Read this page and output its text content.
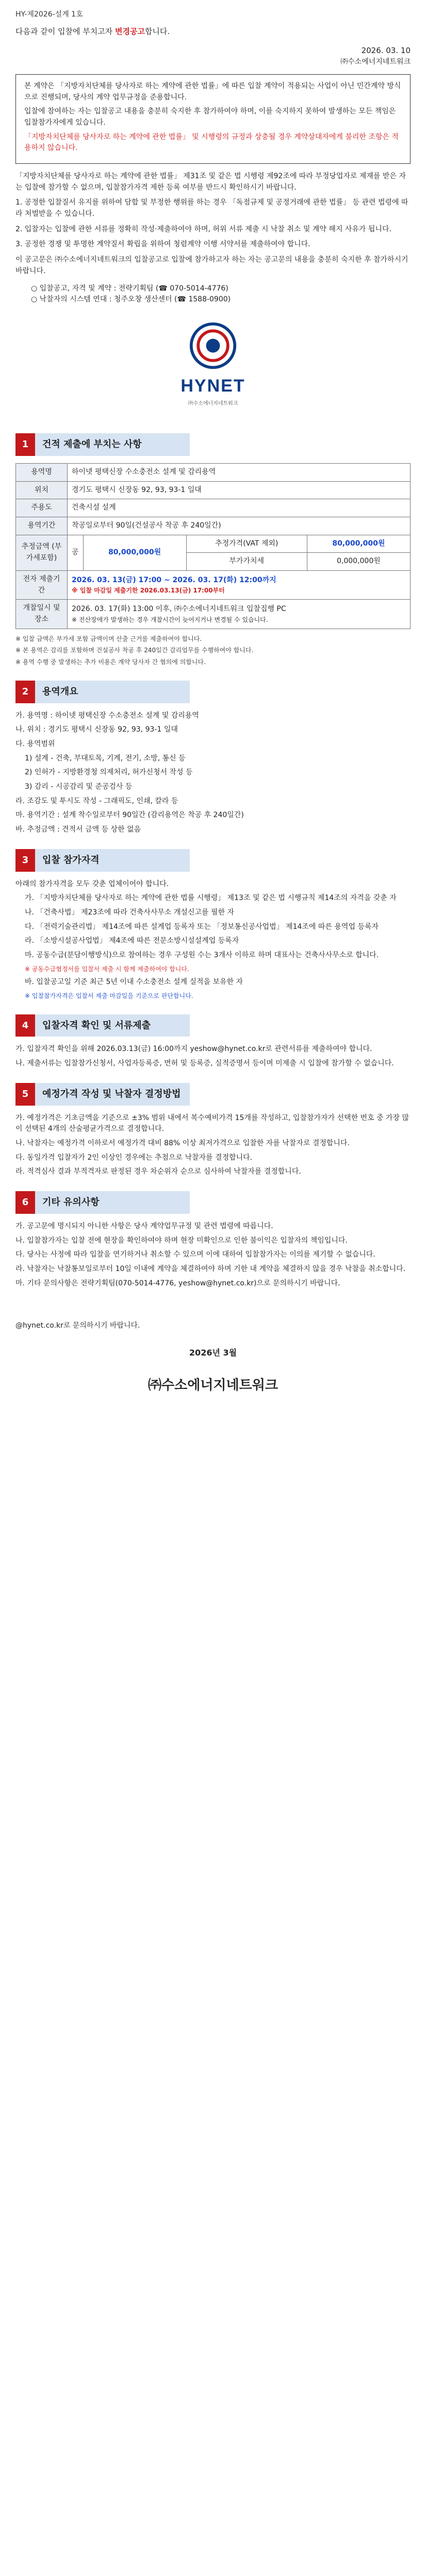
HY-제2026-설계 1호
다음과 같이 입찰에 부치고자 변경공고합니다.
2026. 03. 10
㈜수소에너지네트워크

본 계약은 「지방자치단체를 당사자로 하는 계약에 관한 법률」에 따른 입찰 계약이 적용되는 사업이 아닌 민간계약 방식으로 진행되며, 당사의 계약 업무규정을 준용합니다.

입찰에 참여하는 자는 입찰공고 내용을 충분히 숙지한 후 참가하여야 하며, 이를 숙지하지 못하여 발생하는 모든 책임은 입찰참가자에게 있습니다.

「지방자치단체를 당사자로 하는 계약에 관한 법률」 및 시행령의 규정과 상충될 경우 계약상대자에게 불리한 조항은 적용하지 않습니다.

「지방자치단체를 당사자로 하는 계약에 관한 법률」 제31조 및 같은 법 시행령 제92조에 따라 부정당업자로 제재를 받은 자는 입찰에 참가할 수 없으며, 입찰참가자격 제한 등록 여부를 반드시 확인하시기 바랍니다.

1. 공정한 입찰질서 유지를 위하여 담합 및 부정한 행위를 하는 경우 「독점규제 및 공정거래에 관한 법률」 등 관련 법령에 따라 처벌받을 수 있습니다.

2. 입찰자는 입찰에 관한 서류를 정확히 작성·제출하여야 하며, 허위 서류 제출 시 낙찰 취소 및 계약 해지 사유가 됩니다.

3. 공정한 경쟁 및 투명한 계약질서 확립을 위하여 청렴계약 이행 서약서를 제출하여야 합니다.

이 공고문은 ㈜수소에너지네트워크의 입찰공고로 입찰에 참가하고자 하는 자는 공고문의 내용을 충분히 숙지한 후 참가하시기 바랍니다.

○ 입찰공고, 자격 및 계약 : 전략기획팀 (☎ 070-5014-4776)
○ 낙찰자의 시스템 연대 : 청주오창 생산센터 (☎ 1588-0900)
HYNET
㈜수소에너지네트워크
1	건적 제출에 부치는 사항
용역명	하이넷 평택신장 수소충전소 설계 및 감리용역			
위치	경기도 평택시 신장동 92, 93, 93-1 일대			
주용도	건축시설 설계			
용역기간	착공일로부터 90일(건설공사 착공 후 240일간)			
추정금액 (부가세포함)	공	80,000,000원	추정가격(VAT 제외)	80,000,000원
			부가가치세	0,000,000원
전자 제출기간	2026. 03. 13(금) 17:00 ~ 2026. 03. 17(화) 12:00까지
※ 입찰 마감일 제출기한 2026.03.13(금) 17:00부터			

개찰일시 및 장소	2026. 03. 17(화) 13:00 이후, ㈜수소에너지네트워크 입찰집행 PC
※ 전산장애가 발생하는 경우 개찰시간이 늦어지거나 변경될 수 있습니다.			
※ 입찰 금액은 부가세 포함 금액이며 산출 근거를 제출하여야 합니다.
※ 본 용역은 감리를 포함하며 건설공사 착공 후 240일간 감리업무를 수행하여야 합니다.
※ 용역 수행 중 발생하는 추가 비용은 계약 당사자 간 협의에 의합니다.
2	용역개요

가. 용역명 : 하이넷 평택신장 수소충전소 설계 및 감리용역

나. 위치 : 경기도 평택시 신장동 92, 93, 93-1 일대

다. 용역범위

1) 설계 - 건축, 부대토목, 기계, 전기, 소방, 통신 등

2) 인허가 - 지방환경청 의제처리, 허가신청서 작성 등

3) 감리 - 시공감리 및 준공검사 등

라. 조감도 및 투시도 작성 - 그래픽도, 인쇄, 칼라 등

마. 용역기간 : 설계 착수일로부터 90일간 (감리용역은 착공 후 240일간)

바. 추정금액 : 견적서 금액 등 상한 없음

3	입찰 참가자격

아래의 참가자격을 모두 갖춘 업체이어야 합니다.

가. 「지방자치단체를 당사자로 하는 계약에 관한 법률 시행령」 제13조 및 같은 법 시행규칙 제14조의 자격을 갖춘 자

나. 「건축사법」 제23조에 따라 건축사사무소 개설신고를 필한 자

다. 「전력기술관리법」 제14조에 따른 설계업 등록자 또는 「정보통신공사업법」 제14조에 따른 용역업 등록자

라. 「소방시설공사업법」 제4조에 따른 전문소방시설설계업 등록자

마. 공동수급(분담이행방식)으로 참여하는 경우 구성원 수는 3개사 이하로 하며 대표사는 건축사사무소로 합니다.

※ 공동수급협정서를 입찰서 제출 시 함께 제출하여야 합니다.

바. 입찰공고일 기준 최근 5년 이내 수소충전소 설계 실적을 보유한 자

※ 입찰참가자격은 입찰서 제출 마감일을 기준으로 판단합니다.
4	입찰자격 확인 및 서류제출

가. 입찰자격 확인을 위해 2026.03.13(금) 16:00까지 yeshow@hynet.co.kr로 관련서류를 제출하여야 합니다.

나. 제출서류는 입찰참가신청서, 사업자등록증, 면허 및 등록증, 실적증명서 등이며 미제출 시 입찰에 참가할 수 없습니다.

5	예정가격 작성 및 낙찰자 결정방법

가. 예정가격은 기초금액을 기준으로 ±3% 범위 내에서 복수예비가격 15개를 작성하고, 입찰참가자가 선택한 번호 중 가장 많이 선택된 4개의 산술평균가격으로 결정합니다.

나. 낙찰자는 예정가격 이하로서 예정가격 대비 88% 이상 최저가격으로 입찰한 자를 낙찰자로 결정합니다.

다. 동일가격 입찰자가 2인 이상인 경우에는 추첨으로 낙찰자를 결정합니다.

라. 적격심사 결과 부적격자로 판정된 경우 차순위자 순으로 심사하여 낙찰자를 결정합니다.

6	기타 유의사항

가. 공고문에 명시되지 아니한 사항은 당사 계약업무규정 및 관련 법령에 따릅니다.

나. 입찰참가자는 입찰 전에 현장을 확인하여야 하며 현장 미확인으로 인한 불이익은 입찰자의 책임입니다.

다. 당사는 사정에 따라 입찰을 연기하거나 취소할 수 있으며 이에 대하여 입찰참가자는 이의를 제기할 수 없습니다.

라. 낙찰자는 낙찰통보일로부터 10일 이내에 계약을 체결하여야 하며 기한 내 계약을 체결하지 않을 경우 낙찰을 취소합니다.

마. 기타 문의사항은 전략기획팀(070-5014-4776, yeshow@hynet.co.kr)으로 문의하시기 바랍니다.

@hynet.co.kr로 문의하시기 바랍니다.
2026년 3월
㈜수소에너지네트워크
